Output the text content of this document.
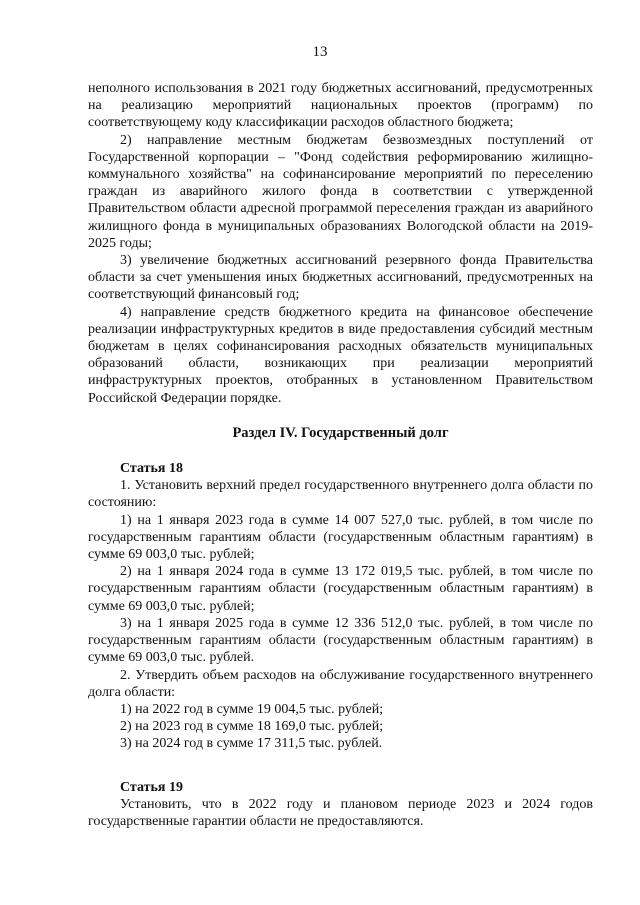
13

неполного использования в 2021 году бюджетных ассигнований, предусмотренных на реализацию мероприятий национальных проектов (программ) по соответствующему коду классификации расходов областного бюджета;

2) направление местным бюджетам безвозмездных поступлений от Государственной корпорации – "Фонд содействия реформированию жилищно-коммунального хозяйства" на софинансирование мероприятий по переселению граждан из аварийного жилого фонда в соответствии с утвержденной Правительством области адресной программой переселения граждан из аварийного жилищного фонда в муниципальных образованиях Вологодской области на 2019-2025 годы;

3) увеличение бюджетных ассигнований резервного фонда Правительства области за счет уменьшения иных бюджетных ассигнований, предусмотренных на соответствующий финансовый год;

4) направление средств бюджетного кредита на финансовое обеспечение реализации инфраструктурных кредитов в виде предоставления субсидий местным бюджетам в целях софинансирования расходных обязательств муниципальных образований области, возникающих при реализации мероприятий инфраструктурных проектов, отобранных в установленном Правительством Российской Федерации порядке.

Раздел IV. Государственный долг

Статья 18

1. Установить верхний предел государственного внутреннего долга области по состоянию:

1) на 1 января 2023 года в сумме 14 007 527,0 тыс. рублей, в том числе по государственным гарантиям области (государственным областным гарантиям) в сумме 69 003,0 тыс. рублей;

2) на 1 января 2024 года в сумме 13 172 019,5 тыс. рублей, в том числе по государственным гарантиям области (государственным областным гарантиям) в сумме 69 003,0 тыс. рублей;

3) на 1 января 2025 года в сумме 12 336 512,0 тыс. рублей, в том числе по государственным гарантиям области (государственным областным гарантиям) в сумме 69 003,0 тыс. рублей.

2. Утвердить объем расходов на обслуживание государственного внутреннего долга области:

1) на 2022 год в сумме 19 004,5 тыс. рублей;

2) на 2023 год в сумме 18 169,0 тыс. рублей;

3) на 2024 год в сумме 17 311,5 тыс. рублей.

Статья 19

Установить, что в 2022 году и плановом периоде 2023 и 2024 годов государственные гарантии области не предоставляются.
